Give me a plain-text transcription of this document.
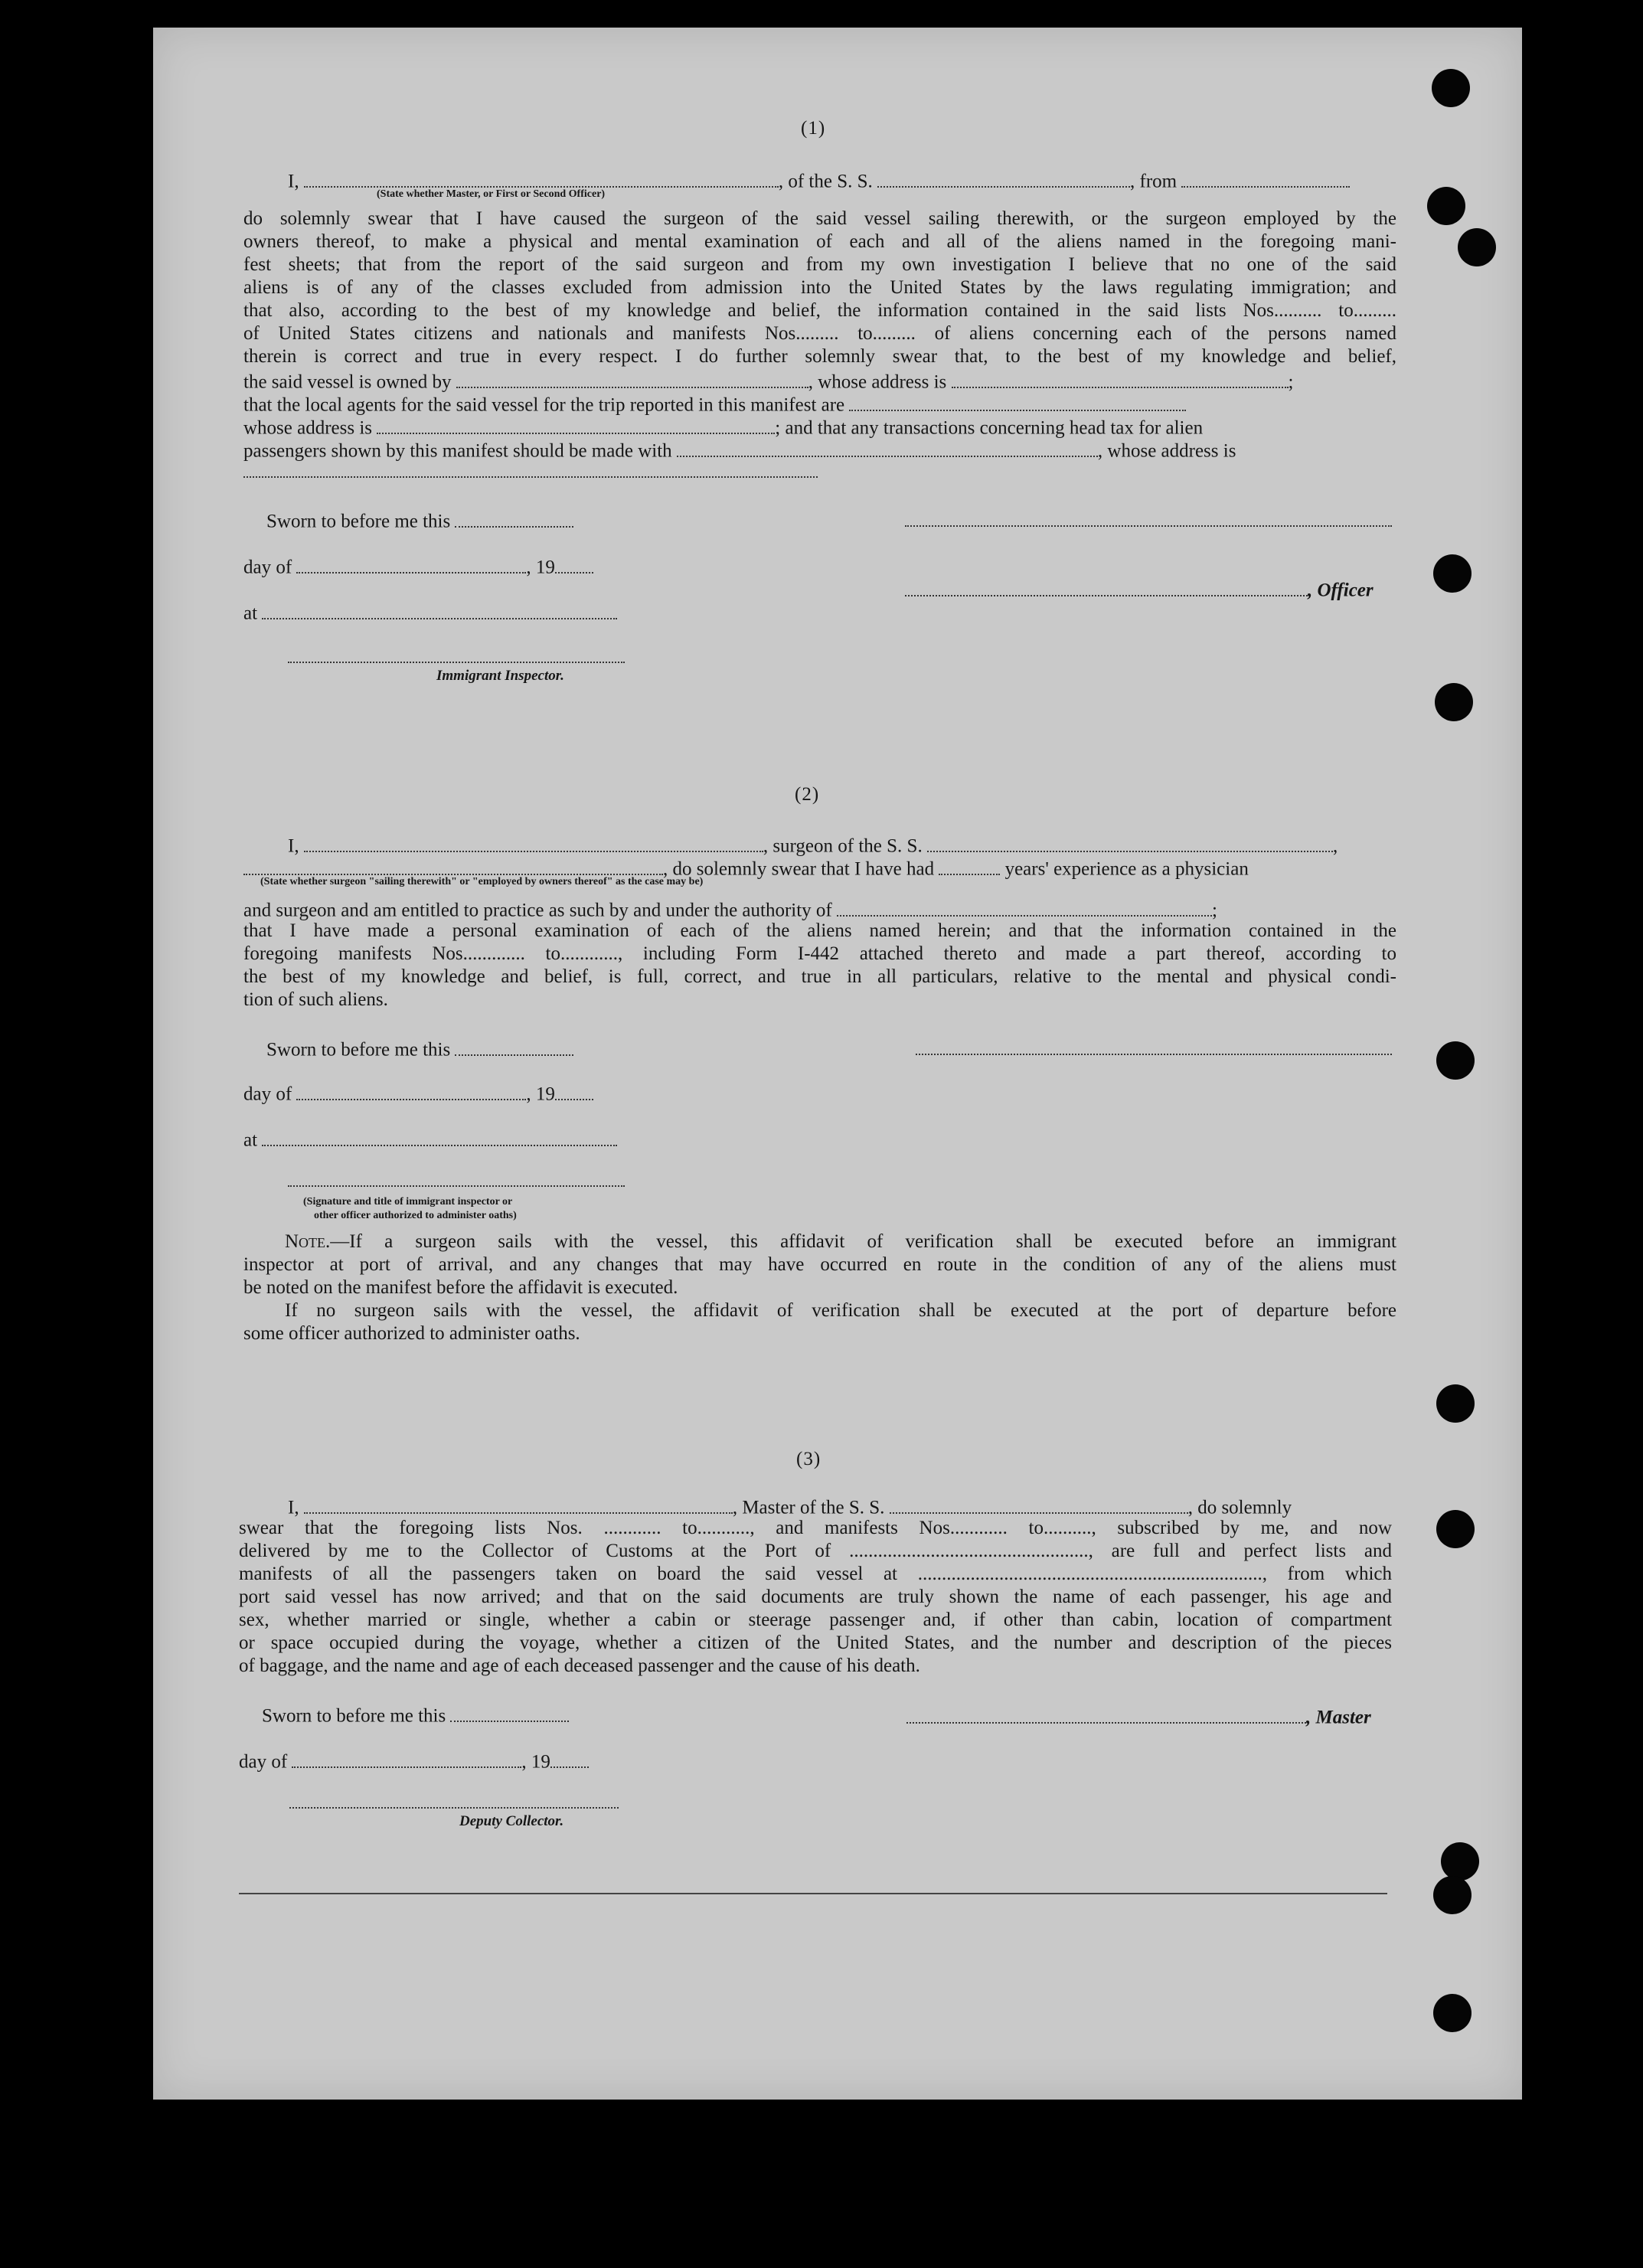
(1)
I,	, of the S. S.	, from
(State whether Master, or First or Second Officer)
do solemnly swear that I have caused the surgeon of the said vessel sailing therewith, or the surgeon employed by the
owners thereof, to make a physical and mental examination of each and all of the aliens named in the foregoing mani-
fest sheets; that from the report of the said surgeon and from my own investigation I believe that no one of the said
aliens is of any of the classes excluded from admission into the United States by the laws regulating immigration; and
that also, according to the best of my knowledge and belief, the information contained in the said lists Nos.......... to.........
of United States citizens and nationals and manifests Nos......... to......... of aliens concerning each of the persons named
therein is correct and true in every respect. I do further solemnly swear that, to the best of my knowledge and belief,
the said vessel is owned by	, whose address is	;
that the local agents for the said vessel for the trip reported in this manifest are
whose address is	; and that any transactions concerning head tax for alien
passengers shown by this manifest should be made with	, whose address is
Sworn to before me this
day of	, 19
, Officer
at
Immigrant Inspector.
(2)
I,	, surgeon of the S. S.	,
, do solemnly swear that I have had	years' experience as a physician
(State whether surgeon "sailing therewith" or "employed by owners thereof" as the case may be)
and surgeon and am entitled to practice as such by and under the authority of	;
that I have made a personal examination of each of the aliens named herein; and that the information contained in the
foregoing manifests Nos............. to............, including Form I-442 attached thereto and made a part thereof, according to
the best of my knowledge and belief, is full, correct, and true in all particulars, relative to the mental and physical condi-
tion of such aliens.
Sworn to before me this
day of	, 19
at
(Signature and title of immigrant inspector or
other officer authorized to administer oaths)
Note.—If a surgeon sails with the vessel, this affidavit of verification shall be executed before an immigrant
inspector at port of arrival, and any changes that may have occurred en route in the condition of any of the aliens must
be noted on the manifest before the affidavit is executed.
If no surgeon sails with the vessel, the affidavit of verification shall be executed at the port of departure before
some officer authorized to administer oaths.
(3)
I,	, Master of the S. S.	, do solemnly
swear that the foregoing lists Nos. ............ to..........., and manifests Nos............ to.........., subscribed by me, and now
delivered by me to the Collector of Customs at the Port of .................................................., are full and perfect lists and
manifests of all the passengers taken on board the said vessel at ........................................................................, from which
port said vessel has now arrived; and that on the said documents are truly shown the name of each passenger, his age and
sex, whether married or single, whether a cabin or steerage passenger and, if other than cabin, location of compartment
or space occupied during the voyage, whether a citizen of the United States, and the number and description of the pieces
of baggage, and the name and age of each deceased passenger and the cause of his death.
Sworn to before me this	, Master
day of	, 19
Deputy Collector.
